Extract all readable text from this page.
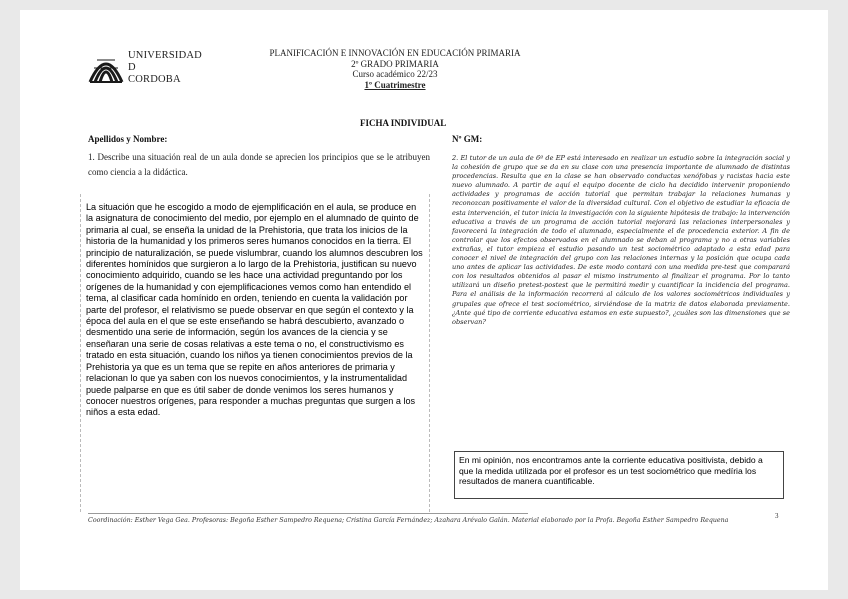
UNIVERSIDAD
D
CORDOBA
PLANIFICACIÓN E INNOVACIÓN EN EDUCACIÓN PRIMARIA
2º GRADO PRIMARIA
Curso académico 22/23
1º Cuatrimestre
FICHA INDIVIDUAL
Apellidos y Nombre:	Nº GM:
1. Describe una situación real de un aula donde se aprecien los principios que se le atribuyen como ciencia a la didáctica.
La situación que he escogido a modo de ejemplificación en el aula, se produce en la asignatura de conocimiento del medio, por ejemplo en el alumnado de quinto de primaria al cual, se enseña la unidad de la Prehistoria, que trata los inicios de la historia de la humanidad y los primeros seres humanos conocidos en la tierra. El principio de naturalización, se puede vislumbrar, cuando los alumnos descubren los diferentes homínidos que surgieron a lo largo de la Prehistoria, justifican su nuevo conocimiento adquirido, cuando se les hace una actividad preguntando por los orígenes de la humanidad y con ejemplificaciones vemos como han entendido el tema, al clasificar cada homínido en orden, teniendo en cuenta la validación por parte del profesor, el relativismo se puede observar en que según el contexto y la época del aula en el que se este enseñando se habrá descubierto, avanzado o desmentido una serie de información, según los avances de la ciencia y se enseñaran una serie de cosas relativas a este tema o no, el constructivismo es tratado en esta situación, cuando los niños ya tienen conocimientos previos de la Prehistoria ya que es un tema que se repite en años anteriores de primaria y relacionan lo que ya saben con los nuevos conocimientos, y la instrumentalidad puede palparse en que es útil saber de donde venimos los seres humanos y conocer nuestros orígenes, para responder a muchas preguntas que surgen a los niños a esta edad.
2. El tutor de un aula de 6º de EP está interesado en realizar un estudio sobre la integración social y la cohesión de grupo que se da en su clase con una presencia importante de alumnado de distintas procedencias. Resulta que en la clase se han observado conductas xenófobas y racistas hacia este nuevo alumnado. A partir de aquí el equipo docente de ciclo ha decidido intervenir proponiendo actividades y programas de acción tutorial que permitan trabajar la relaciones humanas y reconozcan positivamente el valor de la diversidad cultural. Con el objetivo de estudiar la eficacia de esta intervención, el tutor inicia la investigación con la siguiente hipótesis de trabajo: la intervención educativa a través de un programa de acción tutorial mejorará las relaciones interpersonales y favorecerá la integración de todo el alumnado, especialmente el de procedencia exterior. A fin de controlar que los efectos observados en el alumnado se deban al programa y no a otras variables extrañas, el tutor empieza el estudio pasando un test sociométrico adaptado a esta edad para conocer el nivel de integración del grupo con las relaciones internas y la posición que ocupa cada uno antes de aplicar las actividades. De este modo contará con una medida pre-test que comparará con los resultados obtenidos al pasar el mismo instrumento al finalizar el programa. Por lo tanto utilizará un diseño pretest-postest que le permitirá medir y cuantificar la incidencia del programa. Para el análisis de la información recorrerá al cálculo de los valores sociométricos individuales y grupales que ofrece el test sociométrico, sirviéndose de la matriz de datos elaborada previamente. ¿Ante qué tipo de corriente educativa estamos en este supuesto?, ¿cuáles son las dimensiones que se observan?
En mi opinión, nos encontramos ante la corriente educativa positivista, debido a que la medida utilizada por el profesor es un test sociométrico que medíria los resultados de manera cuantificable.
3
Coordinación: Esther Vega Gea. Profesoras: Begoña Esther Sampedro Requena; Cristina García Fernández; Azahara Arévalo Galán. Material elaborado por la Profa. Begoña Esther Sampedro Requena
